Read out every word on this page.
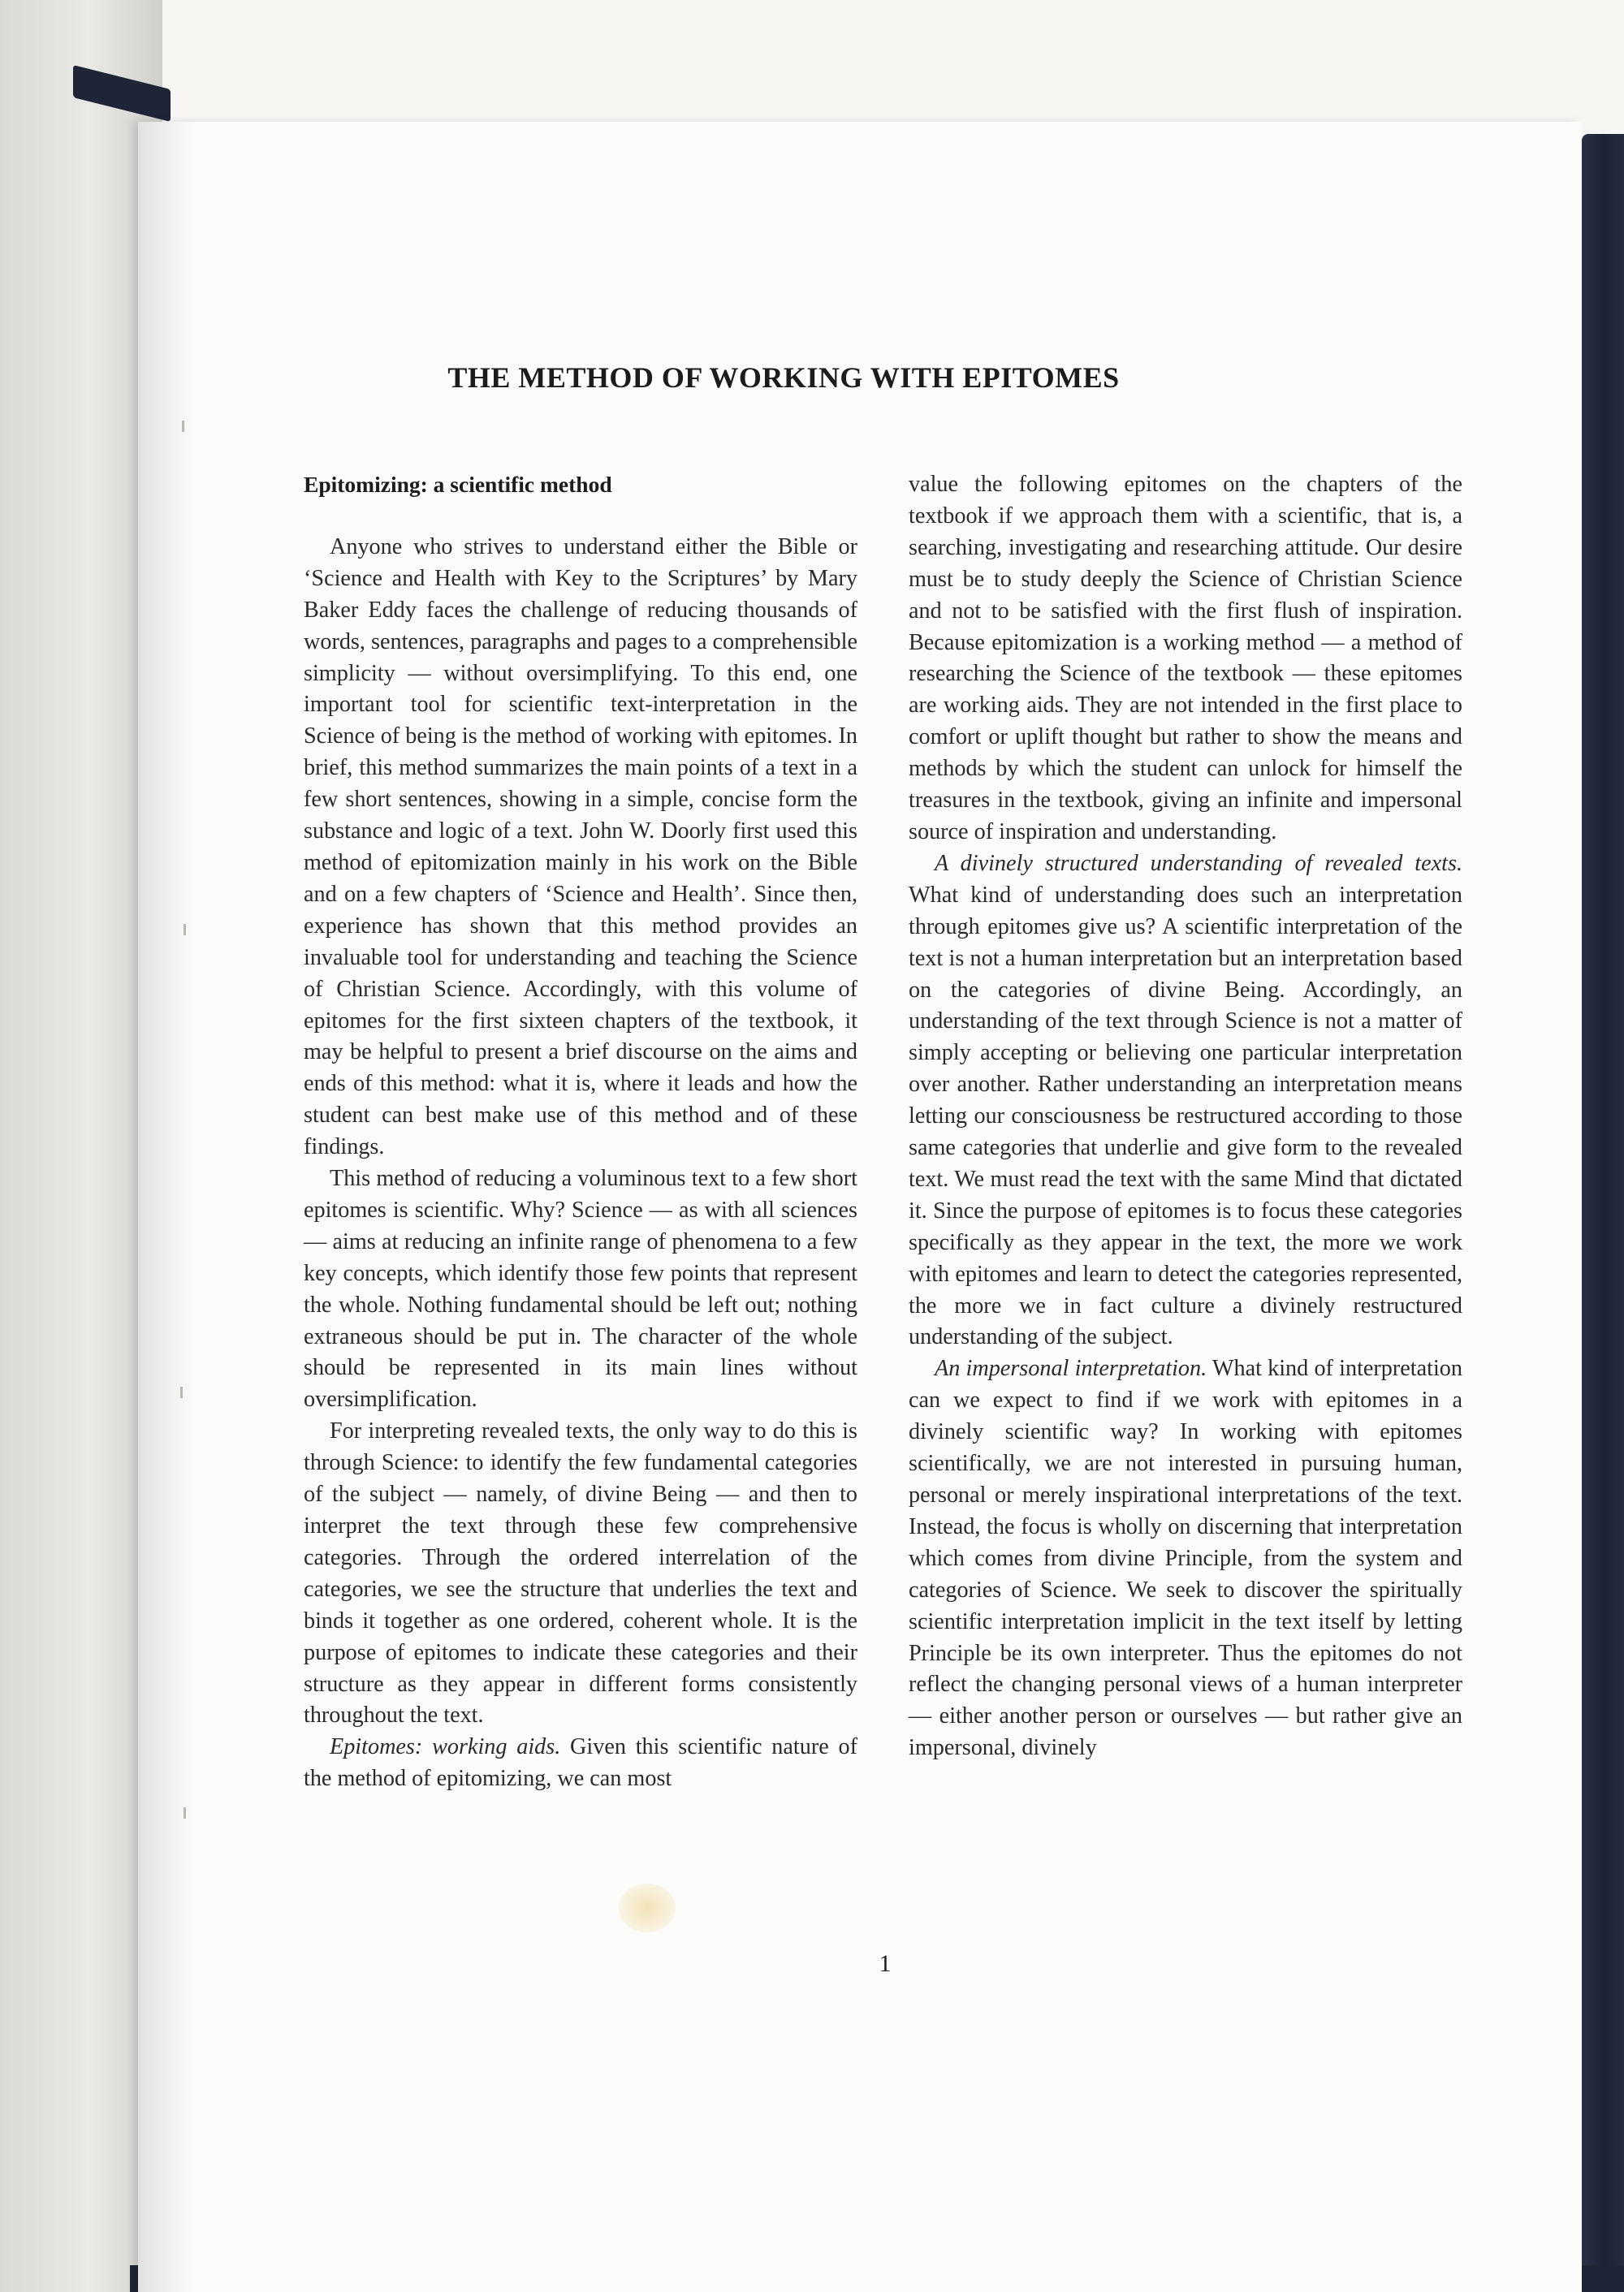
THE METHOD OF WORKING WITH EPITOMES

Epitomizing: a scientific method

Anyone who strives to understand either the Bible or ‘Science and Health with Key to the Scriptures’ by Mary Baker Eddy faces the challenge of reducing thousands of words, sentences, paragraphs and pages to a comprehensible simplicity — without oversimplifying. To this end, one important tool for scientific text-interpretation in the Science of being is the method of working with epitomes. In brief, this method summarizes the main points of a text in a few short sentences, showing in a simple, concise form the substance and logic of a text. John W. Doorly first used this method of epitomization mainly in his work on the Bible and on a few chapters of ‘Science and Health’. Since then, experience has shown that this method provides an invaluable tool for understanding and teaching the Science of Christian Science. Accordingly, with this volume of epitomes for the first sixteen chapters of the textbook, it may be helpful to present a brief discourse on the aims and ends of this method: what it is, where it leads and how the student can best make use of this method and of these findings.

This method of reducing a voluminous text to a few short epitomes is scientific. Why? Science — as with all sciences — aims at reducing an infinite range of phenomena to a few key concepts, which identify those few points that represent the whole. Nothing fundamental should be left out; nothing extraneous should be put in. The character of the whole should be represented in its main lines without oversimplification.

For interpreting revealed texts, the only way to do this is through Science: to identify the few fundamental categories of the subject — namely, of divine Being — and then to interpret the text through these few comprehensive categories. Through the ordered interrelation of the categories, we see the structure that underlies the text and binds it together as one ordered, coherent whole. It is the purpose of epitomes to indicate these categories and their structure as they appear in different forms consistently throughout the text.

Epitomes: working aids. Given this scientific nature of the method of epitomizing, we can most

value the following epitomes on the chapters of the textbook if we approach them with a scientific, that is, a searching, investigating and researching attitude. Our desire must be to study deeply the Science of Christian Science and not to be satisfied with the first flush of inspiration. Because epitomization is a working method — a method of researching the Science of the textbook — these epitomes are working aids. They are not intended in the first place to comfort or uplift thought but rather to show the means and methods by which the student can unlock for himself the treasures in the textbook, giving an infinite and impersonal source of inspiration and understanding.

A divinely structured understanding of revealed texts. What kind of understanding does such an interpretation through epitomes give us? A scientific interpretation of the text is not a human interpretation but an interpretation based on the categories of divine Being. Accordingly, an understanding of the text through Science is not a matter of simply accepting or believing one particular interpretation over another. Rather understanding an interpretation means letting our consciousness be restructured according to those same categories that underlie and give form to the revealed text. We must read the text with the same Mind that dictated it. Since the purpose of epitomes is to focus these categories specifically as they appear in the text, the more we work with epitomes and learn to detect the categories represented, the more we in fact culture a divinely restructured understanding of the subject.

An impersonal interpretation. What kind of interpretation can we expect to find if we work with epitomes in a divinely scientific way? In working with epitomes scientifically, we are not interested in pursuing human, personal or merely inspirational interpretations of the text. Instead, the focus is wholly on discerning that interpretation which comes from divine Principle, from the system and categories of Science. We seek to discover the spiritually scientific interpretation implicit in the text itself by letting Principle be its own interpreter. Thus the epitomes do not reflect the changing personal views of a human interpreter — either another person or ourselves — but rather give an impersonal, divinely

1
